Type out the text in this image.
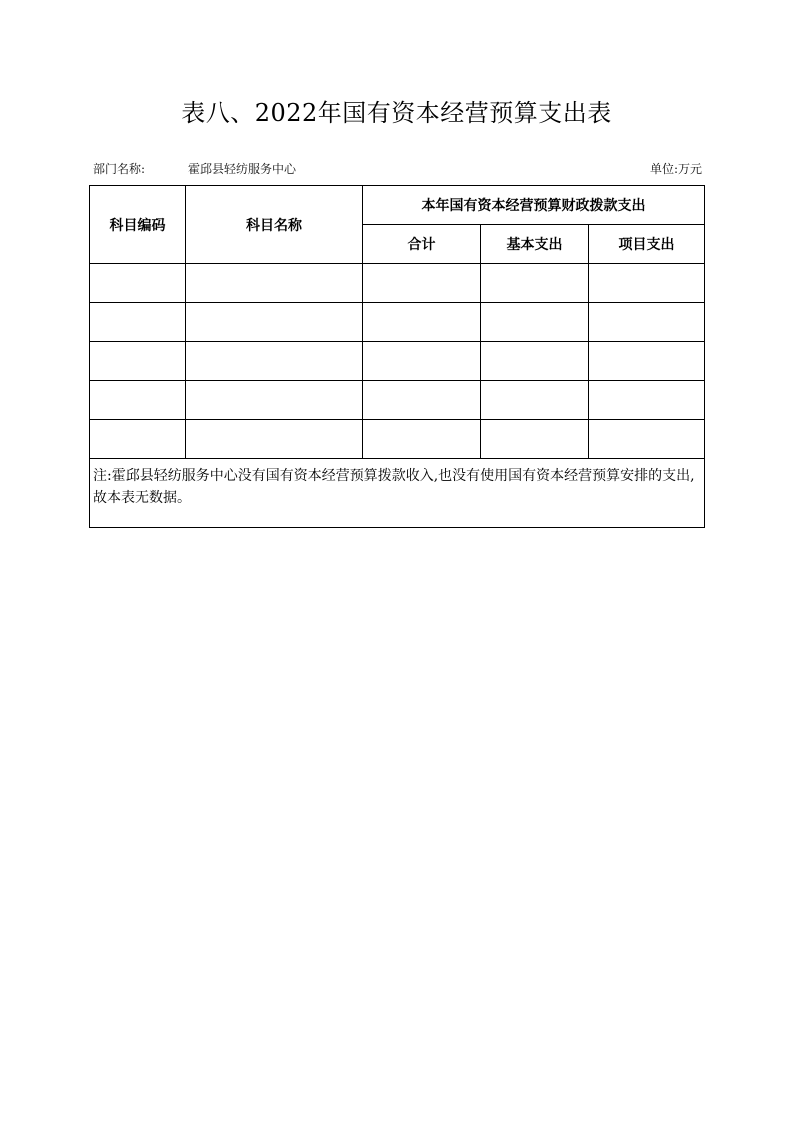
表八、2022年国有资本经营预算支出表
部门名称:	霍邱县轻纺服务中心	单位:万元
科目编码	科目名称	本年国有资本经营预算财政拨款支出		
		合计	基本支出	项目支出

注:霍邱县轻纺服务中心没有国有资本经营预算拨款收入,也没有使用国有资本经营预算安排的支出,故本表无数据。				
